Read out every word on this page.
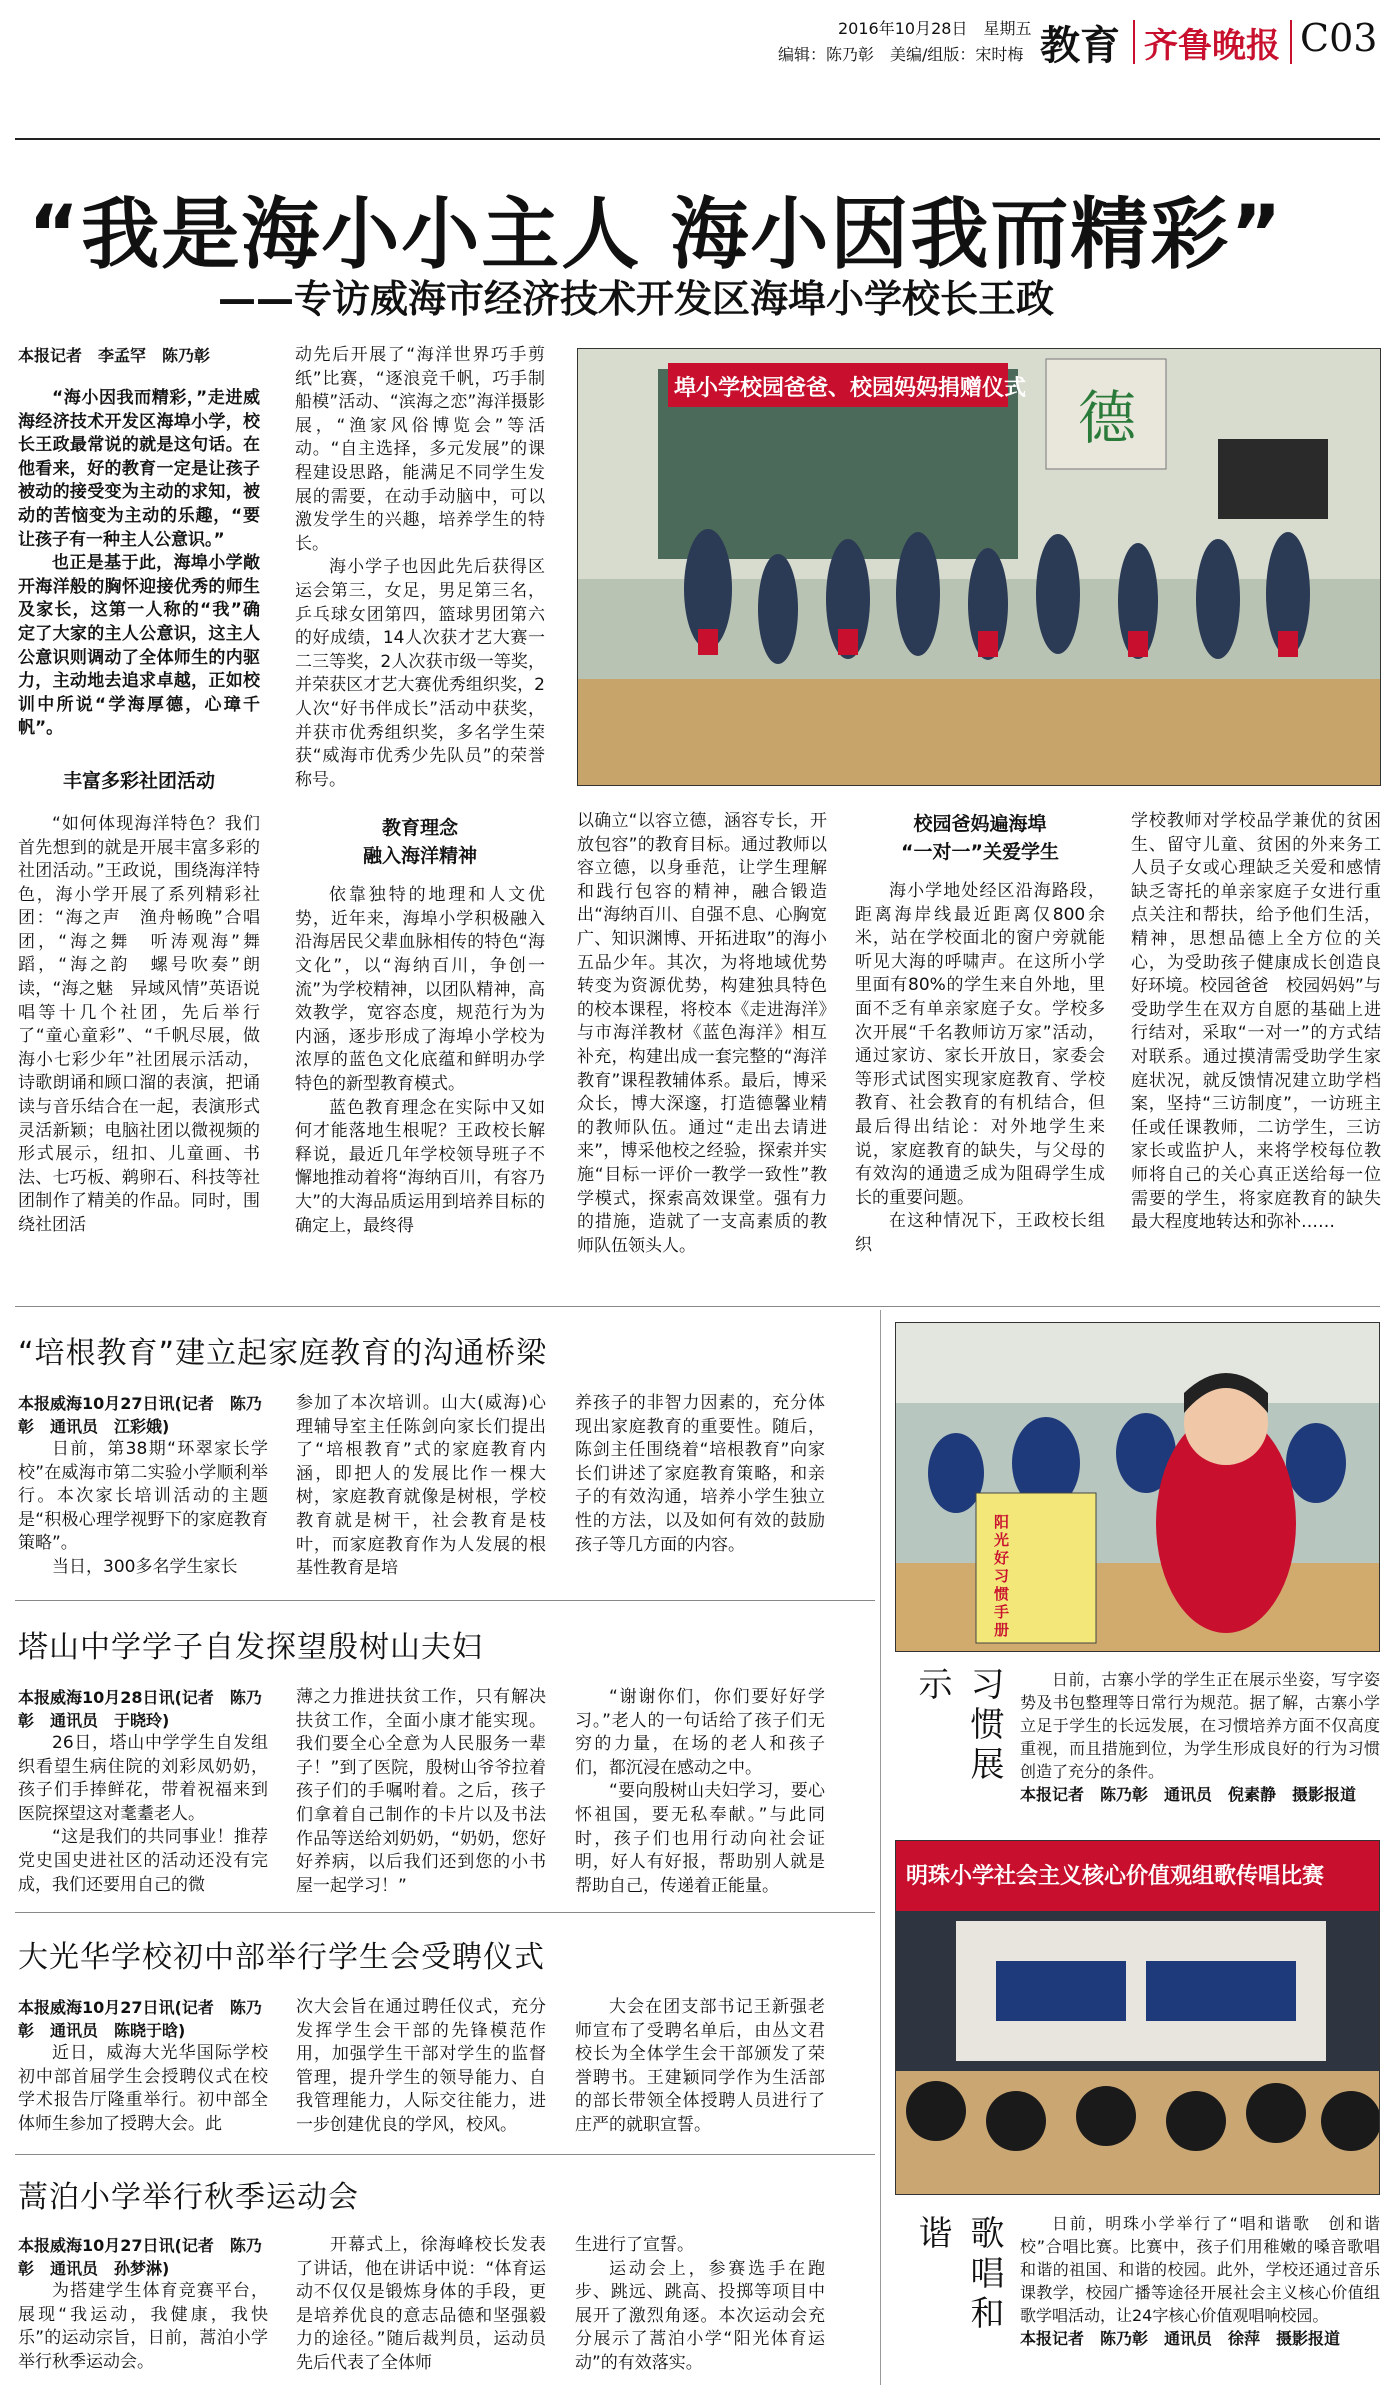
2016年10月28日　星期五
编辑：陈乃彰　美编/组版：宋时梅 教育 齐鲁晚报 C03
“我是海小小主人 海小因我而精彩”
——专访威海市经济技术开发区海埠小学校长王政
本报记者　李孟罕　陈乃彰
“海小因我而精彩，”走进威海经济技术开发区海埠小学，校长王政最常说的就是这句话。在他看来，好的教育一定是让孩子被动的接受变为主动的求知，被动的苦恼变为主动的乐趣，“要让孩子有一种主人公意识。”
也正是基于此，海埠小学敞开海洋般的胸怀迎接优秀的师生及家长，这第一人称的“我”确定了大家的主人公意识，这主人公意识则调动了全体师生的内驱力，主动地去追求卓越，正如校训中所说“学海厚德，心璋千帆”。
丰富多彩社团活动
“如何体现海洋特色？我们首先想到的就是开展丰富多彩的社团活动。”王政说，围绕海洋特色，海小学开展了系列精彩社团：“海之声　渔舟畅晚”合唱团，“海之舞　听涛观海”舞蹈，“海之韵　螺号吹奏”朗读，“海之魅　异域风情”英语说唱等十几个社团，先后举行了“童心童彩”、“千帆尽展，做海小七彩少年”社团展示活动，诗歌朗诵和顾口溜的表演，把诵读与音乐结合在一起，表演形式灵活新颖；电脑社团以微视频的形式展示，纽扣、儿童画、书法、七巧板、鹈卵石、科技等社团制作了精美的作品。同时，围绕社团活
动先后开展了“海洋世界巧手剪纸”比赛，“逐浪竞千帆，巧手制船模”活动、“滨海之恋”海洋摄影展，“渔家风俗博览会”等活动。“自主选择，多元发展”的课程建设思路，能满足不同学生发展的需要，在动手动脑中，可以激发学生的兴趣，培养学生的特长。
海小学子也因此先后获得区运会第三，女足，男足第三名，乒乓球女团第四，篮球男团第六的好成绩，14人次获才艺大赛一二三等奖，2人次获市级一等奖，并荣获区才艺大赛优秀组织奖，2人次“好书伴成长”活动中获奖，并获市优秀组织奖，多名学生荣获“威海市优秀少先队员”的荣誉称号。
教育理念
融入海洋精神
依靠独特的地理和人文优势，近年来，海埠小学积极融入沿海居民父辈血脉相传的特色“海文化”，以“海纳百川，争创一流”为学校精神，以团队精神，高效教学，宽容态度，规范行为为内涵，逐步形成了海埠小学校为浓厚的蓝色文化底蕴和鲜明办学特色的新型教育模式。
蓝色教育理念在实际中又如何才能落地生根呢？王政校长解释说，最近几年学校领导班子不懈地推动着将“海纳百川，有容乃大”的大海品质运用到培养目标的确定上，最终得
埠小学校园爸爸、校园妈妈捐赠仪式 德
以确立“以容立德，涵容专长，开放包容”的教育目标。通过教师以容立德，以身垂范，让学生理解和践行包容的精神，融合锻造出“海纳百川、自强不息、心胸宽广、知识渊博、开拓进取”的海小五品少年。其次，为将地域优势转变为资源优势，构建独具特色的校本课程，将校本《走进海洋》与市海洋教材《蓝色海洋》相互补充，构建出成一套完整的“海洋教育”课程教辅体系。最后，博采众长，博大深邃，打造德馨业精的教师队伍。通过“走出去请进来”，博采他校之经验，探索并实施“目标一评价一教学一致性”教学模式，探索高效课堂。强有力的措施，造就了一支高素质的教师队伍领头人。
校园爸妈遍海埠
“一对一”关爱学生
海小学地处经区沿海路段，距离海岸线最近距离仅800余米，站在学校面北的窗户旁就能听见大海的呼啸声。在这所小学里面有80%的学生来自外地，里面不乏有单亲家庭子女。学校多次开展“千名教师访万家”活动，通过家访、家长开放日，家委会等形式试图实现家庭教育、学校教育、社会教育的有机结合，但最后得出结论：对外地学生来说，家庭教育的缺失，与父母的有效沟的通遗乏成为阻碍学生成长的重要问题。
在这种情况下，王政校长组织
学校教师对学校品学兼优的贫困生、留守儿童、贫困的外来务工人员子女或心理缺乏关爱和感情缺乏寄托的单亲家庭子女进行重点关注和帮扶，给予他们生活，精神，思想品德上全方位的关心，为受助孩子健康成长创造良好环境。校园爸爸　校园妈妈”与受助学生在双方自愿的基础上进行结对，采取“一对一”的方式结对联系。通过摸清需受助学生家庭状况，就反馈情况建立助学档案，坚持“三访制度”，一访班主任或任课教师，二访学生，三访家长或监护人，来将学校每位教师将自己的关心真正送给每一位需要的学生，将家庭教育的缺失最大程度地转达和弥补……
“培根教育”建立起家庭教育的沟通桥梁
本报威海10月27日讯(记者　陈乃彰　通讯员　江彩娥)
日前，第38期“环翠家长学校”在威海市第二实验小学顺利举行。本次家长培训活动的主题是“积极心理学视野下的家庭教育策略”。
当日，300多名学生家长
参加了本次培训。山大(威海)心理辅导室主任陈剑向家长们提出了“培根教育”式的家庭教育内涵，即把人的发展比作一棵大树，家庭教育就像是树根，学校教育就是树干，社会教育是枝叶，而家庭教育作为人发展的根基性教育是培
养孩子的非智力因素的，充分体现出家庭教育的重要性。随后，陈剑主任围绕着“培根教育”向家长们讲述了家庭教育策略，和亲子的有效沟通，培养小学生独立性的方法，以及如何有效的鼓励孩子等几方面的内容。
塔山中学学子自发探望殷树山夫妇
本报威海10月28日讯(记者　陈乃彰　通讯员　于晓玲)
26日，塔山中学学生自发组织看望生病住院的刘彩凤奶奶，孩子们手捧鲜花，带着祝福来到医院探望这对耄耋老人。
“这是我们的共同事业！推荐党史国史进社区的活动还没有完成，我们还要用自己的微
薄之力推进扶贫工作，只有解决扶贫工作，全面小康才能实现。我们要全心全意为人民服务一辈子！”到了医院，殷树山爷爷拉着孩子们的手嘱咐着。之后，孩子们拿着自己制作的卡片以及书法作品等送给刘奶奶，“奶奶，您好好养病，以后我们还到您的小书屋一起学习！”
“谢谢你们，你们要好好学习。”老人的一句话给了孩子们无穷的力量，在场的老人和孩子们，都沉浸在感动之中。
“要向殷树山夫妇学习，要心怀祖国，要无私奉献。”与此同时，孩子们也用行动向社会证明，好人有好报，帮助别人就是帮助自己，传递着正能量。
大光华学校初中部举行学生会受聘仪式
本报威海10月27日讯(记者　陈乃彰　通讯员　陈晓于晗)
近日，威海大光华国际学校初中部首届学生会授聘仪式在校学术报告厅隆重举行。初中部全体师生参加了授聘大会。此
次大会旨在通过聘任仪式，充分发挥学生会干部的先锋模范作用，加强学生干部对学生的监督管理，提升学生的领导能力、自我管理能力，人际交往能力，进一步创建优良的学风，校风。
大会在团支部书记王新强老师宣布了受聘名单后，由丛文君校长为全体学生会干部颁发了荣誉聘书。王建颖同学作为生活部的部长带领全体授聘人员进行了庄严的就职宣誓。
蒿泊小学举行秋季运动会
本报威海10月27日讯(记者　陈乃彰　通讯员　孙梦淋)
为搭建学生体育竞赛平台，展现“我运动，我健康，我快乐”的运动宗旨，日前，蒿泊小学举行秋季运动会。
开幕式上，徐海峰校长发表了讲话，他在讲话中说：“体育运动不仅仅是锻炼身体的手段，更是培养优良的意志品德和坚强毅力的途径。”随后裁判员，运动员先后代表了全体师
生进行了宣誓。
运动会上，参赛选手在跑步、跳远、跳高、投掷等项目中展开了激烈角逐。本次运动会充分展示了蒿泊小学“阳光体育运动”的有效落实。
阳光好习惯手册
习惯展示	日前，古寨小学的学生正在展示坐姿，写字姿势及书包整理等日常行为规范。据了解，古寨小学立足于学生的长远发展，在习惯培养方面不仅高度重视，而且措施到位，为学生形成良好的行为习惯创造了充分的条件。
本报记者　陈乃彰　通讯员　倪素静　摄影报道
明珠小学社会主义核心价值观组歌传唱比赛
歌唱和谐	日前，明珠小学举行了“唱和谐歌　创和谐校”合唱比赛。比赛中，孩子们用稚嫩的嗓音歌唱和谐的祖国、和谐的校园。此外，学校还通过音乐课教学，校园广播等途径开展社会主义核心价值组歌学唱活动，让24字核心价值观唱响校园。
本报记者　陈乃彰　通讯员　徐萍　摄影报道
